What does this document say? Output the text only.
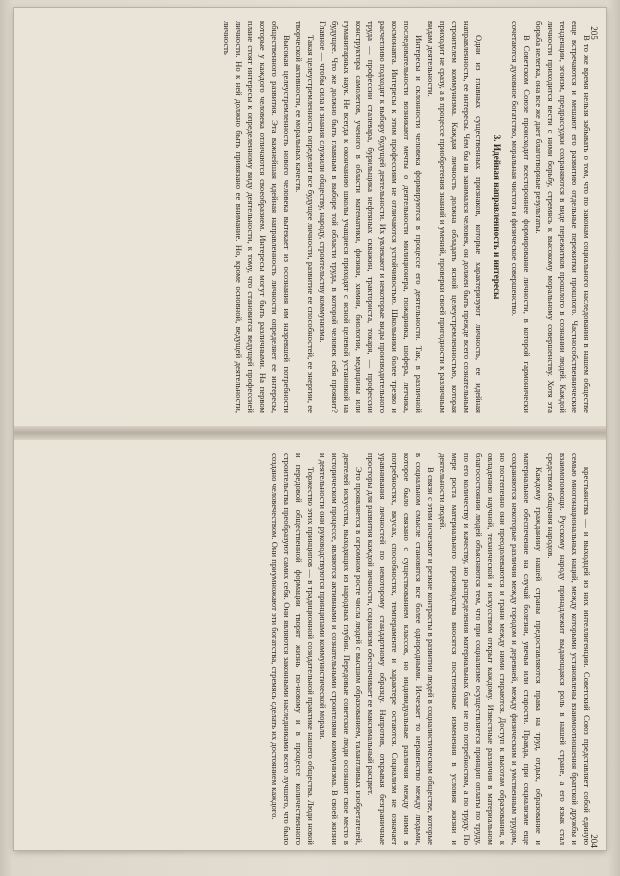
В то же время нельзя забывать о том, что по законам социального наследования в нашем обществе еще встречаются и мешают его развитию отдельные пережитки прошлого. Частнособственнические тенденции, эгоизм, предрассудки сохраняются в виде пережитков прошлого в сознании людей. Каждой личности приходится вести с ними борьбу, стремясь к высокому моральному совершенству. Хотя эта борьба нелегка, она все же дает благотворные результаты.

В Советском Союзе происходит всестороннее формирование личности, в которой гармонически сочетаются духовное богатство, моральная чистота и физическое совершенство.

3. Идейная направленность и интересы

Одни из главных существенных признаков, которые характеризуют личность, ее идейная направленность, ее интересы. Чем бы ни занимался человек, он должен быть прежде всего сознательным строителем коммунизма. Каждая личность должна обладать ясной целеустремленностью, которая приходит не сразу, а в процессе приобретения знаний и умений, проверки своей пригодности к различным видам деятельности.

Интересы и склонности человека формируются в процессе его деятельности. Так, в различной последовательности возникают мечты о деятельности милиционера, пожарника, шофера, летчика, космонавта. Интересы к этим профессиям не отличаются устойчивостью. Школьники более трезво и расчетливо подходят к выбору будущей деятельности. Их увлекают и некоторые виды производительного труда — профессии сталевара, бурильщика нефтяных скважин, тракториста, токаря, — профессии конструктора самолетов, ученого в области математики, физики, химии, биологии, медицины или гуманитарных наук. Не всегда к окончанию школы учащиеся приходят с ясной целевой установкой на будущее. Что же должно быть главным в выборе той области труда, в которой человек себя проявит? Главное — чтобы сила и знания служили обществу, народу, строительству коммунизма.

Такая целеустремленность определит все будущее личности, развитие ее способностей, ее энергии, ее творческой активности, ее моральных качеств.

Высокая целеустремленность нового человека вытекает из осознания им назревшей потребности общественного развития. Эта важнейшая идейная направленность личности определяет ее интересы, которые у каждого человека отличаются своеобразием. Интересы могут быть различными. На первом плане стоят интересы к определенному виду деятельности, к тому, что становится ведущей профессией личности. Но к ней должно быть привязано ее внимание. Но, кроме основной, ведущей деятельности, личность	205

крестьянства — и выходцей из них интеллигенции. Советский Союз представляет собой единую семью многонациональных наций, между которыми установлены взаимоотношения братской дружбы и взаимопомощи. Русскому народу принадлежит выдающаяся роль в нашей стране, а его язык стал средством общения народов.

Каждому гражданину нашей страны предоставляются права на труд, отдых, образование и материальное обеспечение на случай болезни, увечья или старости. Правда, при социализме еще сохраняются некоторые различия между городом и деревней, между физическим и умственным трудом, но постепенно они преодолеваются и грани между ними стираются. Доступ к высотам образования, к овладению научной, технической и искусством открыт каждому. Известные различия в материальном благосостоянии людей объясняются тем, что при социализме осуществляется принцип оплаты по труду, по его количеству и качеству, но распределения материальных благ не по потребностям, а по труду. По мере роста материального производства вносятся постепенные изменения в условия жизни и деятельности людей.

В связи с этим исчезают и резкие контрасты в развитии людей в социалистическом обществе, которые в социальном смысле становятся все более однородными. Исчезает то неравенство между людьми, которое было связано с существованием классов, но индивидуальные различия между ними в потребностях, вкусах, способностях, темпераменте и характере остаются. Социализм не означает уравнивания личностей по некоторому стандартному образцу. Напротив, открывая безграничные просторы для развития каждой личности, социализм обеспечивает ее максимальный расцвет.

Это проявляется в огромном росте числа людей с высшим образованием, талантливых изобретателей, деятелей искусства, выходящих из народных глубин. Передовые советские люди осознают свое место в историческом процессе, являются активными и сознательными строителями коммунизма. В своей жизни и деятельности они руководствуются принципами коммунистической морали.

Торжество этих принципов — в традиционной созидательной практике нашего общества. Люди новой и передовой общественной формации творят жизнь по-новому и в процессе количественного строительства преобразуют самих себя. Они являются законными наследниками всего лучшего, что было создано человечеством. Они приумножают эти богатства, стремясь сделать их достоянием каждого.

204
